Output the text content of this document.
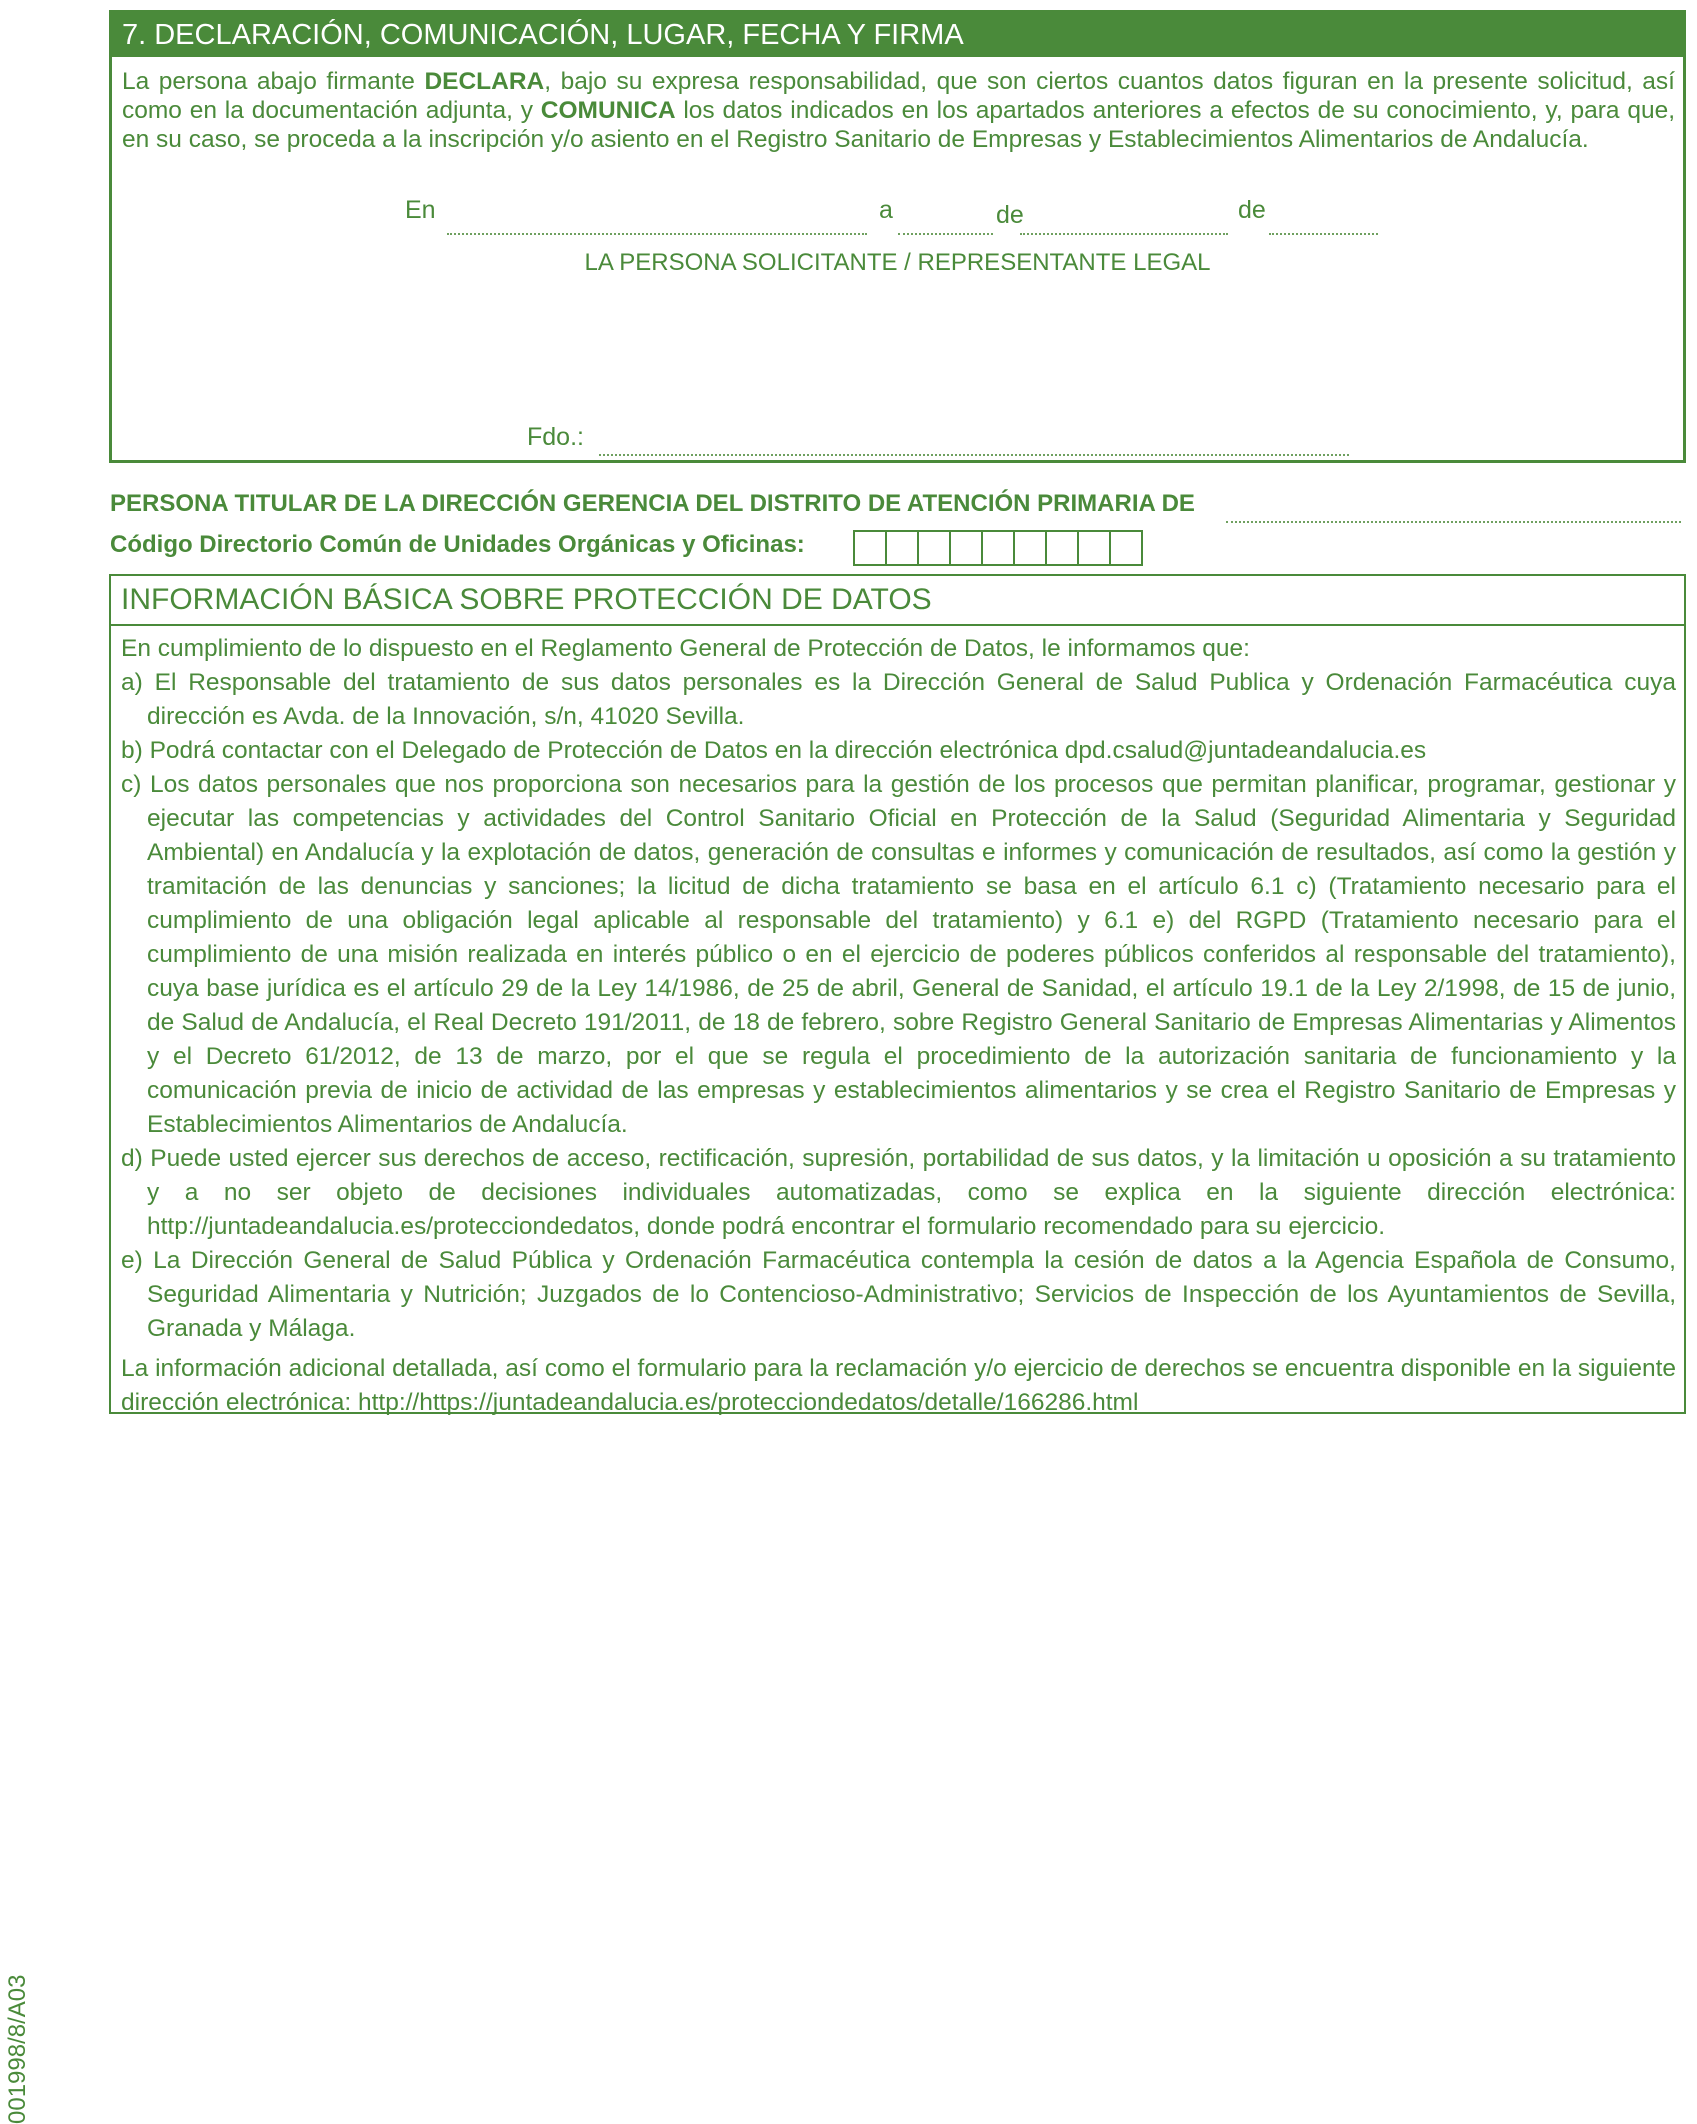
7. DECLARACIÓN, COMUNICACIÓN, LUGAR, FECHA Y FIRMA
La persona abajo firmante DECLARA, bajo su expresa responsabilidad, que son ciertos cuantos datos figuran en la presente solicitud, así como en la documentación adjunta, y COMUNICA los datos indicados en los apartados anteriores a efectos de su conocimiento, y, para que, en su caso, se proceda a la inscripción y/o asiento en el Registro Sanitario de Empresas y Establecimientos Alimentarios de Andalucía.
En	a	de	de
LA PERSONA SOLICITANTE / REPRESENTANTE LEGAL
Fdo.:
PERSONA TITULAR DE LA DIRECCIÓN GERENCIA DEL DISTRITO DE ATENCIÓN PRIMARIA DE
Código Directorio Común de Unidades Orgánicas y Oficinas:
INFORMACIÓN BÁSICA SOBRE PROTECCIÓN DE DATOS

En cumplimiento de lo dispuesto en el Reglamento General de Protección de Datos, le informamos que:

a) El Responsable del tratamiento de sus datos personales es la Dirección General de Salud Publica y Ordenación Farmacéutica cuya dirección es Avda. de la Innovación, s/n, 41020 Sevilla.

b) Podrá contactar con el Delegado de Protección de Datos en la dirección electrónica dpd.csalud@juntadeandalucia.es

c) Los datos personales que nos proporciona son necesarios para la gestión de los procesos que permitan planificar, programar, gestionar y ejecutar las competencias y actividades del Control Sanitario Oficial en Protección de la Salud (Seguridad Alimentaria y Seguridad Ambiental) en Andalucía y la explotación de datos, generación de consultas e informes y comunicación de resultados, así como la gestión y tramitación de las denuncias y sanciones; la licitud de dicha tratamiento se basa en el artículo 6.1 c) (Tratamiento necesario para el cumplimiento de una obligación legal aplicable al responsable del tratamiento) y 6.1 e) del RGPD (Tratamiento necesario para el cumplimiento de una misión realizada en interés público o en el ejercicio de poderes públicos conferidos al responsable del tratamiento), cuya base jurídica es el artículo 29 de la Ley 14/1986, de 25 de abril, General de Sanidad, el artículo 19.1 de la Ley 2/1998, de 15 de junio, de Salud de Andalucía, el Real Decreto 191/2011, de 18 de febrero, sobre Registro General Sanitario de Empresas Alimentarias y Alimentos y el Decreto 61/2012, de 13 de marzo, por el que se regula el procedimiento de la autorización sanitaria de funcionamiento y la comunicación previa de inicio de actividad de las empresas y establecimientos alimentarios y se crea el Registro Sanitario de Empresas y Establecimientos Alimentarios de Andalucía.

d) Puede usted ejercer sus derechos de acceso, rectificación, supresión, portabilidad de sus datos, y la limitación u oposición a su tratamiento y a no ser objeto de decisiones individuales automatizadas, como se explica en la siguiente dirección electrónica: http://juntadeandalucia.es/protecciondedatos, donde podrá encontrar el formulario recomendado para su ejercicio.

e) La Dirección General de Salud Pública y Ordenación Farmacéutica contempla la cesión de datos a la Agencia Española de Consumo, Seguridad Alimentaria y Nutrición; Juzgados de lo Contencioso-Administrativo; Servicios de Inspección de los Ayuntamientos de Sevilla, Granada y Málaga.

La información adicional detallada, así como el formulario para la reclamación y/o ejercicio de derechos se encuentra disponible en la siguiente dirección electrónica: http://https://juntadeandalucia.es/protecciondedatos/detalle/166286.html

001998/8/A03
